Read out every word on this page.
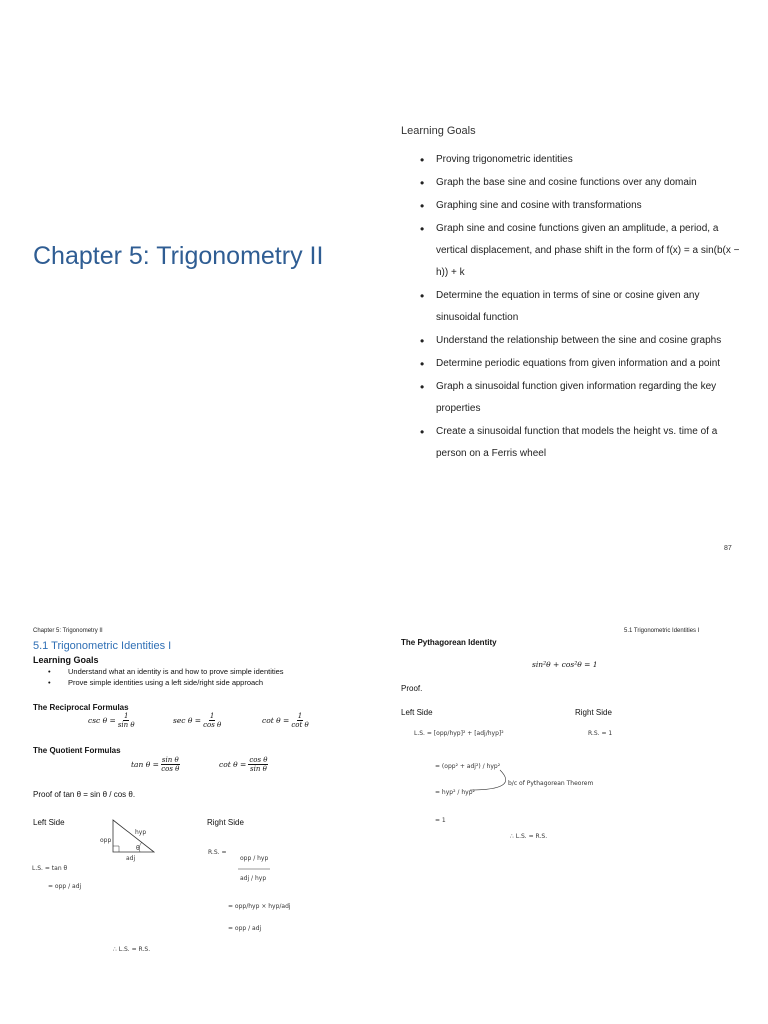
Chapter 5: Trigonometry II
Learning Goals
• Proving trigonometric identities
• Graph the base sine and cosine functions over any domain
• Graphing sine and cosine with transformations
• Graph sine and cosine functions given an amplitude, a period, a vertical displacement, and phase shift in the form of f(x) = a sin(b(x − h)) + k
• Determine the equation in terms of sine or cosine given any sinusoidal function
• Understand the relationship between the sine and cosine graphs
• Determine periodic equations from given information and a point
• Graph a sinusoidal function given information regarding the key properties
• Create a sinusoidal function that models the height vs. time of a person on a Ferris wheel
87
Chapter 5: Trigonometry II
5.1 Trigonometric Identities I
Learning Goals
• Understand what an identity is and how to prove simple identities
• Prove simple identities using a left side/right side approach
The Reciprocal Formulas
$\csc \theta = \frac{1}{\text{sin θ}}$	$\sec \theta = \frac{1}{\text{cos θ}}$	$\cot \theta = \frac{1}{\text{cot θ}}$
The Quotient Formulas
$\tan \theta = \frac{\text{sin θ}}{\text{cos θ}}$	$\cot \theta = \frac{\text{cos θ}}{\text{sin θ}}$
Proof of tan θ = sin θ / cos θ.
Left Side	Right Side
opp
hyp
adj
θ
L.S. = tan θ
= opp / adj
R.S. =
opp / hyp
adj / hyp
= opp/hyp × hyp/adj
= opp / adj
∴ L.S. = R.S.
L.S. = [opp/hyp]² + [adj/hyp]²	R.S. = 1
= (opp² + adj²) / hyp²
b/c of Pythagorean Theorem
= hyp² / hyp²
= 1
∴ L.S. = R.S.
5.1 Trigonometric Identities I
The Pythagorean Identity
sin²θ + cos²θ = 1
Proof.
Left Side	Right Side
